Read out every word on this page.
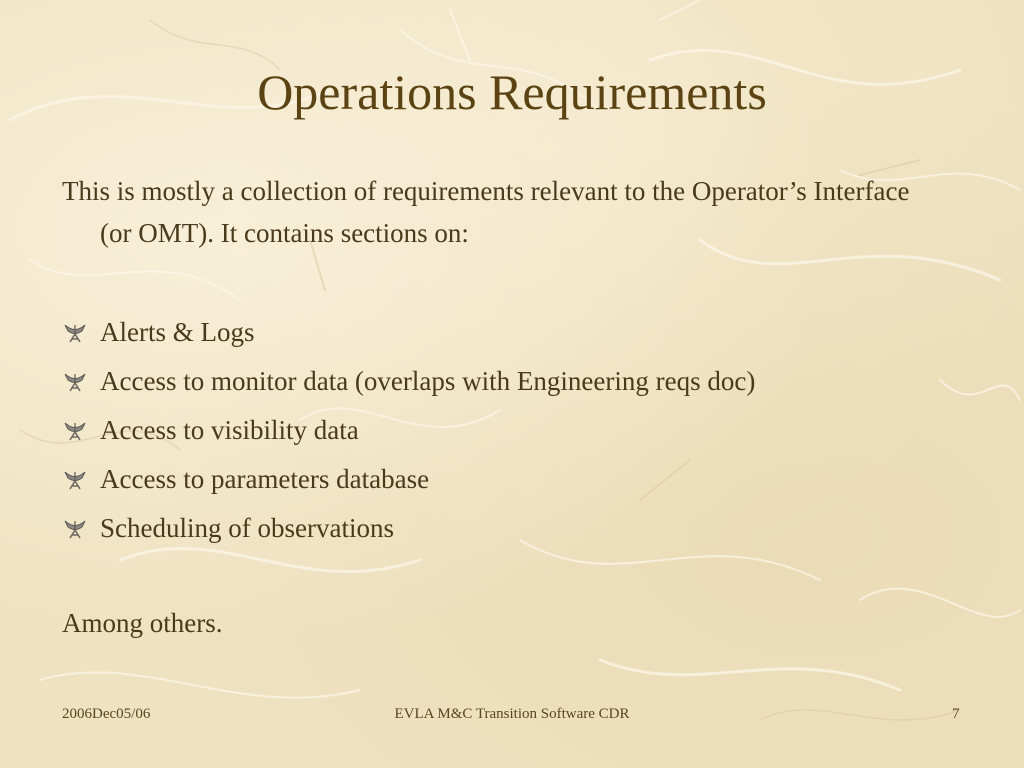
Operations Requirements
This is mostly a collection of requirements relevant to the Operator’s Interface (or OMT). It contains sections on:
Alerts & Logs
Access to monitor data (overlaps with Engineering reqs doc)
Access to visibility data
Access to parameters database
Scheduling of observations
Among others.
2006Dec05/06	EVLA M&C Transition Software CDR	7
